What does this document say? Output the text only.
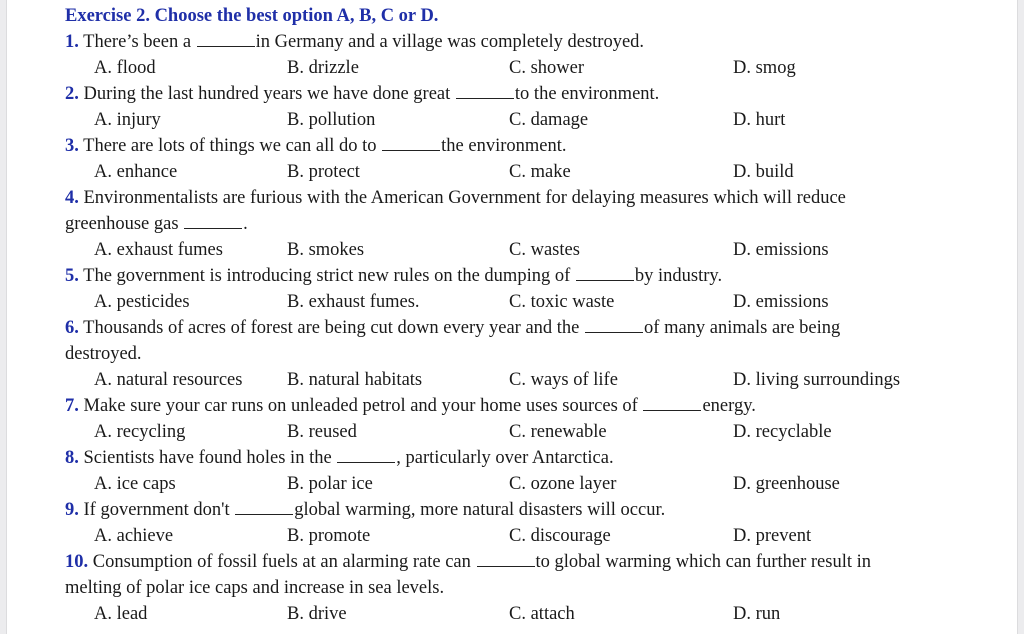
Exercise 2. Choose the best option A, B, C or D.
1. There’s been a	in Germany and a village was completely destroyed.
A. flood	B. drizzle	C. shower	D. smog
2. During the last hundred years we have done great	to the environment.
A. injury	B. pollution	C. damage	D. hurt
3. There are lots of things we can all do to	the environment.
A. enhance	B. protect	C. make	D. build
4. Environmentalists are furious with the American Government for delaying measures which will reduce
greenhouse gas	.
A. exhaust fumes	B. smokes	C. wastes	D. emissions
5. The government is introducing strict new rules on the dumping of	by industry.
A. pesticides	B. exhaust fumes.	C. toxic waste	D. emissions
6. Thousands of acres of forest are being cut down every year and the	of many animals are being
destroyed.
A. natural resources B. natural habitats	C. ways of life	D. living surroundings
7. Make sure your car runs on unleaded petrol and your home uses sources of	energy.
A. recycling	B. reused	C. renewable	D. recyclable
8. Scientists have found holes in the	, particularly over Antarctica.
A. ice caps	B. polar ice	C. ozone layer	D. greenhouse
9. If government don't	global warming, more natural disasters will occur.
A. achieve	B. promote	C. discourage	D. prevent
10. Consumption of fossil fuels at an alarming rate can	to global warming which can further result in
melting of polar ice caps and increase in sea levels.
A. lead	B. drive	C. attach	D. run
